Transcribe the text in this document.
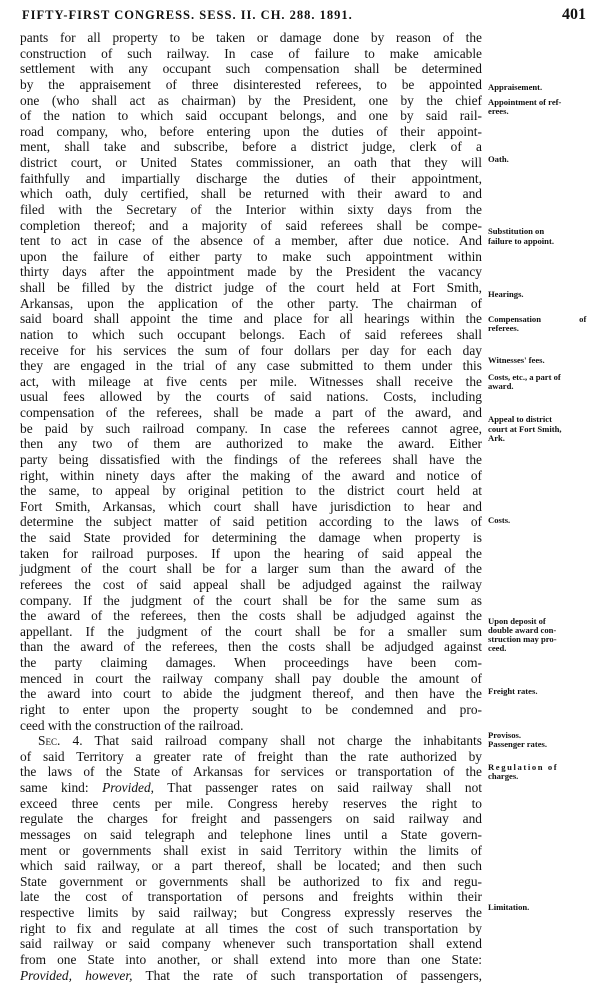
FIFTY-FIRST CONGRESS. SESS. II. CH. 288. 1891.	401
pants for all property to be taken or damage done by reason of the
construction of such railway. In case of failure to make amicable
settlement with any occupant such compensation shall be determined
by the appraisement of three disinterested referees, to be appointed
one (who shall act as chairman) by the President, one by the chief
of the nation to which said occupant belongs, and one by said rail-
road company, who, before entering upon the duties of their appoint-
ment, shall take and subscribe, before a district judge, clerk of a
district court, or United States commissioner, an oath that they will
faithfully and impartially discharge the duties of their appointment,
which oath, duly certified, shall be returned with their award to and
filed with the Secretary of the Interior within sixty days from the
completion thereof; and a majority of said referees shall be compe-
tent to act in case of the absence of a member, after due notice. And
upon the failure of either party to make such appointment within
thirty days after the appointment made by the President the vacancy
shall be filled by the district judge of the court held at Fort Smith,
Arkansas, upon the application of the other party. The chairman of
said board shall appoint the time and place for all hearings within the
nation to which such occupant belongs. Each of said referees shall
receive for his services the sum of four dollars per day for each day
they are engaged in the trial of any case submitted to them under this
act, with mileage at five cents per mile. Witnesses shall receive the
usual fees allowed by the courts of said nations. Costs, including
compensation of the referees, shall be made a part of the award, and
be paid by such railroad company. In case the referees cannot agree,
then any two of them are authorized to make the award. Either
party being dissatisfied with the findings of the referees shall have the
right, within ninety days after the making of the award and notice of
the same, to appeal by original petition to the district court held at
Fort Smith, Arkansas, which court shall have jurisdiction to hear and
determine the subject matter of said petition according to the laws of
the said State provided for determining the damage when property is
taken for railroad purposes. If upon the hearing of said appeal the
judgment of the court shall be for a larger sum than the award of the
referees the cost of said appeal shall be adjudged against the railway
company. If the judgment of the court shall be for the same sum as
the award of the referees, then the costs shall be adjudged against the
appellant. If the judgment of the court shall be for a smaller sum
than the award of the referees, then the costs shall be adjudged against
the party claiming damages. When proceedings have been com-
menced in court the railway company shall pay double the amount of
the award into court to abide the judgment thereof, and then have the
right to enter upon the property sought to be condemned and pro-
ceed with the construction of the railroad.
Sec. 4. That said railroad company shall not charge the inhabitants
of said Territory a greater rate of freight than the rate authorized by
the laws of the State of Arkansas for services or transportation of the
same kind: Provided, That passenger rates on said railway shall not
exceed three cents per mile. Congress hereby reserves the right to
regulate the charges for freight and passengers on said railway and
messages on said telegraph and telephone lines until a State govern-
ment or governments shall exist in said Territory within the limits of
which said railway, or a part thereof, shall be located; and then such
State government or governments shall be authorized to fix and regu-
late the cost of transportation of persons and freights within their
respective limits by said railway; but Congress expressly reserves the
right to fix and regulate at all times the cost of such transportation by
said railway or said company whenever such transportation shall extend
from one State into another, or shall extend into more than one State:
Provided, however, That the rate of such transportation of passengers,
Appraisement.
Appointment of ref-
erees.
Oath.
Substitution on
failure to appoint.
Hearings.
Compensation of
referees.
Witnesses' fees.
Costs, etc., a part of
award.
Appeal to district
court at Fort Smith,
Ark.
Costs.
Upon deposit of
double award con-
struction may pro-
ceed.
Freight rates.
Provisos.
Passenger rates.
Regulation of
charges.
Limitation.
